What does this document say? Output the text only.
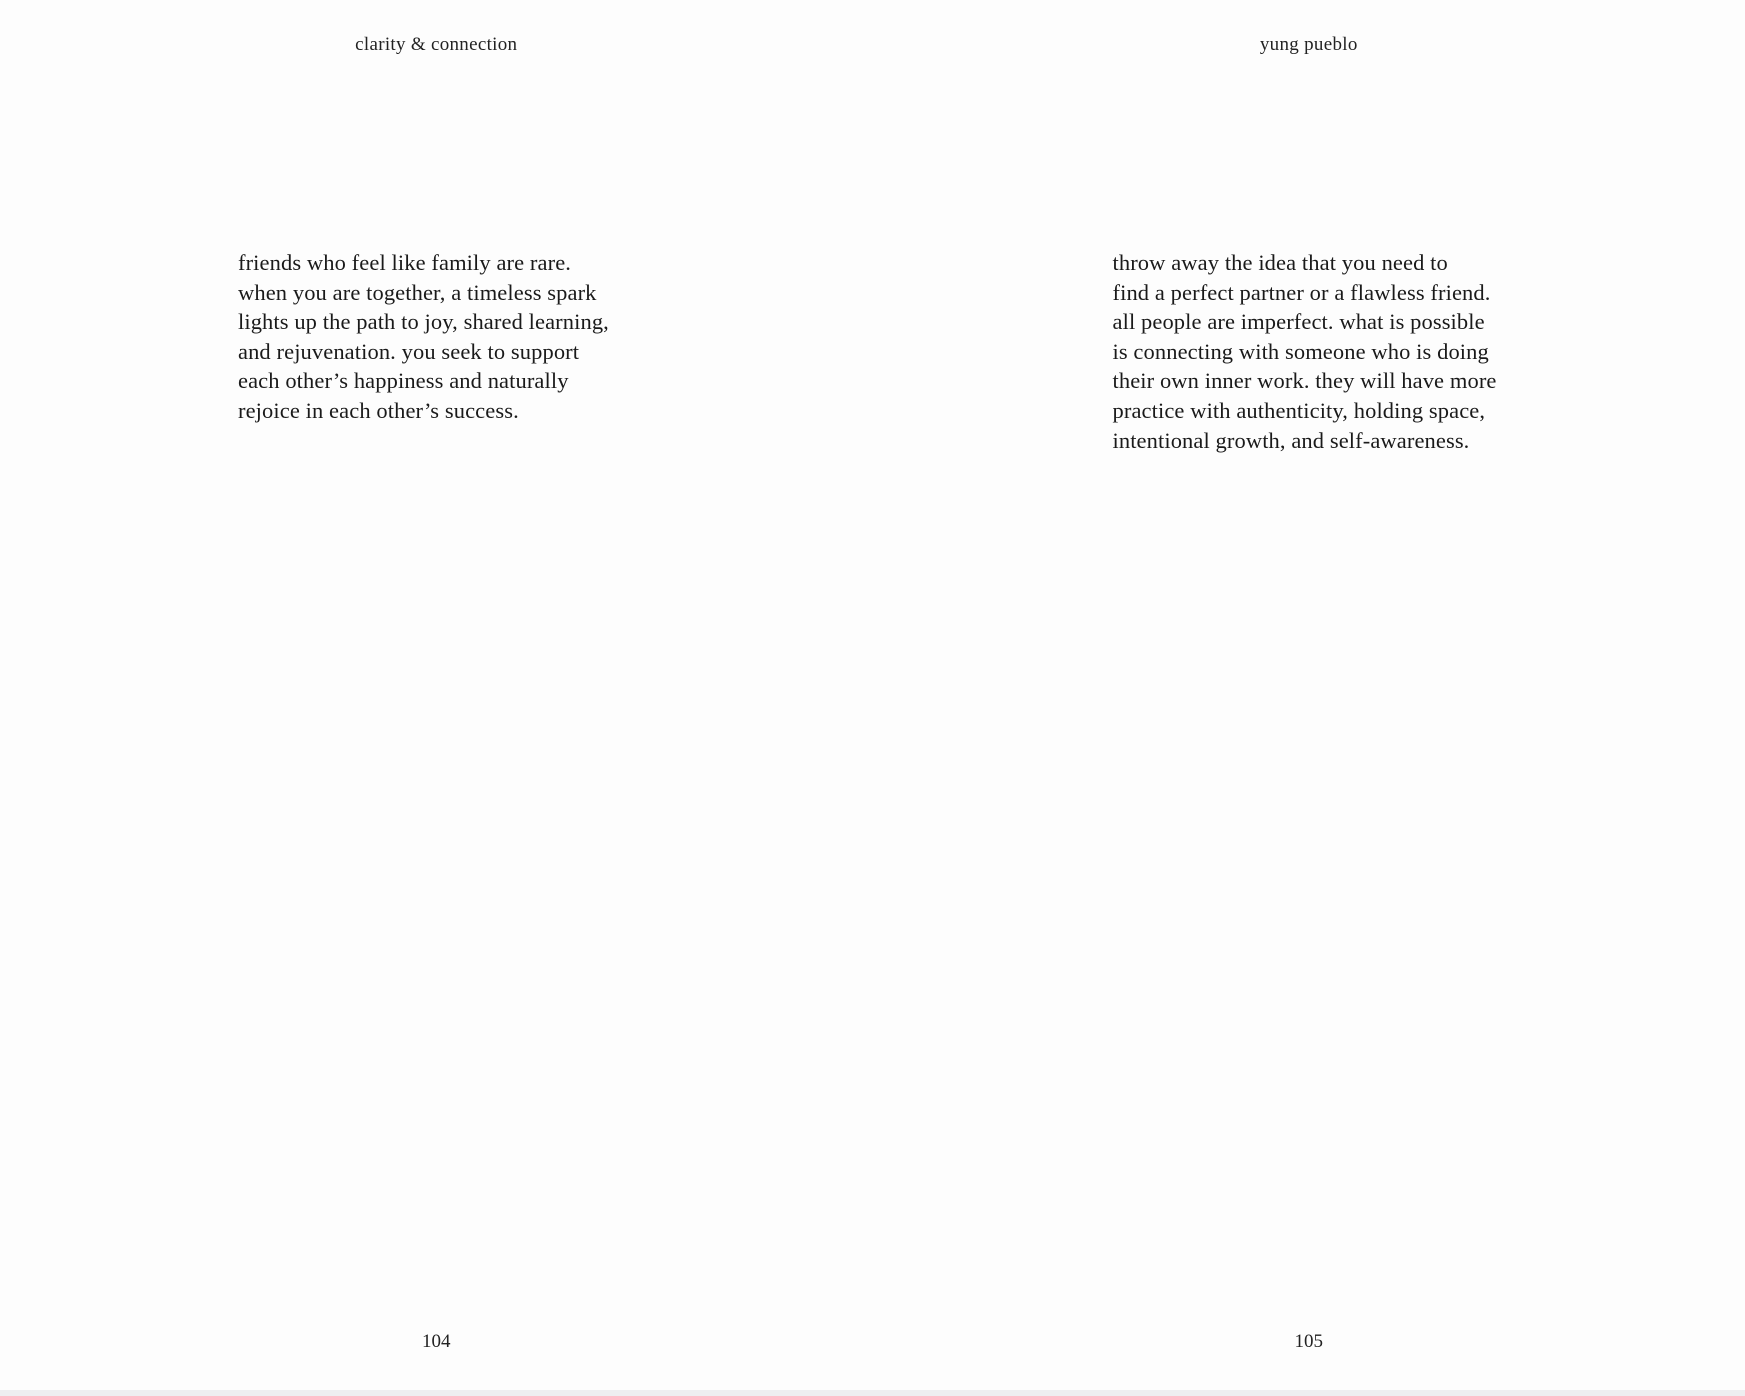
clarity & connection
friends who feel like family are rare.
when you are together, a timeless spark
lights up the path to joy, shared learning,
and rejuvenation. you seek to support
each other’s happiness and naturally
rejoice in each other’s success.
104
yung pueblo
throw away the idea that you need to
find a perfect partner or a flawless friend.
all people are imperfect. what is possible
is connecting with someone who is doing
their own inner work. they will have more
practice with authenticity, holding space,
intentional growth, and self-awareness.
105
